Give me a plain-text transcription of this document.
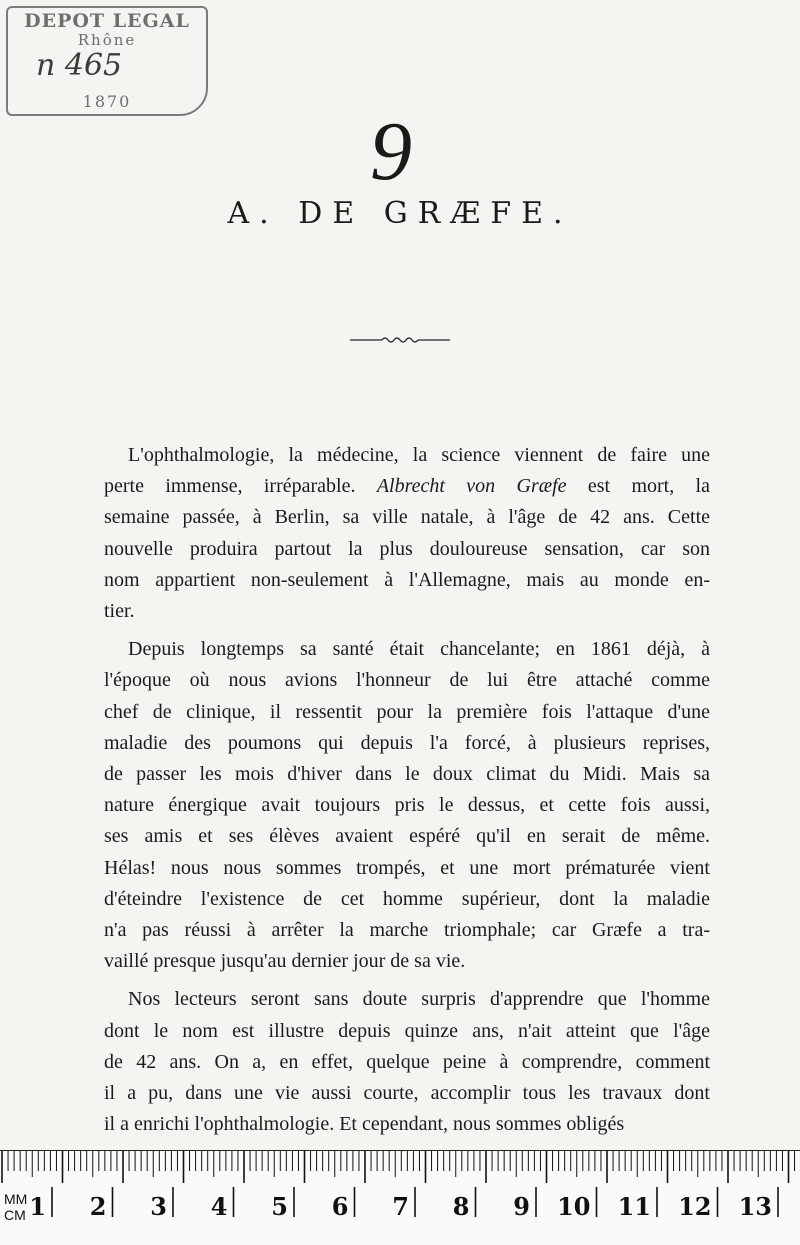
DEPOT LEGAL
Rhône
n 465
1870
9
A. DE GRÆFE.

L'ophthalmologie, la médecine, la science viennent de faire une
perte immense, irréparable. Albrecht von Græfe est mort, la
semaine passée, à Berlin, sa ville natale, à l'âge de 42 ans. Cette
nouvelle produira partout la plus douloureuse sensation, car son
nom appartient non-seulement à l'Allemagne, mais au monde en-
tier.

Depuis longtemps sa santé était chancelante; en 1861 déjà, à
l'époque où nous avions l'honneur de lui être attaché comme
chef de clinique, il ressentit pour la première fois l'attaque d'une
maladie des poumons qui depuis l'a forcé, à plusieurs reprises,
de passer les mois d'hiver dans le doux climat du Midi. Mais sa
nature énergique avait toujours pris le dessus, et cette fois aussi,
ses amis et ses élèves avaient espéré qu'il en serait de même.
Hélas! nous nous sommes trompés, et une mort prématurée vient
d'éteindre l'existence de cet homme supérieur, dont la maladie
n'a pas réussi à arrêter la marche triomphale; car Græfe a tra-
vaillé presque jusqu'au dernier jour de sa vie.

Nos lecteurs seront sans doute surpris d'apprendre que l'homme
dont le nom est illustre depuis quinze ans, n'ait atteint que l'âge
de 42 ans. On a, en effet, quelque peine à comprendre, comment
il a pu, dans une vie aussi courte, accomplir tous les travaux dont
il a enrichi l'ophthalmologie. Et cependant, nous sommes obligés

1 2 3 4 5 6 7 8 9 10 11 12 13
MM
CM
